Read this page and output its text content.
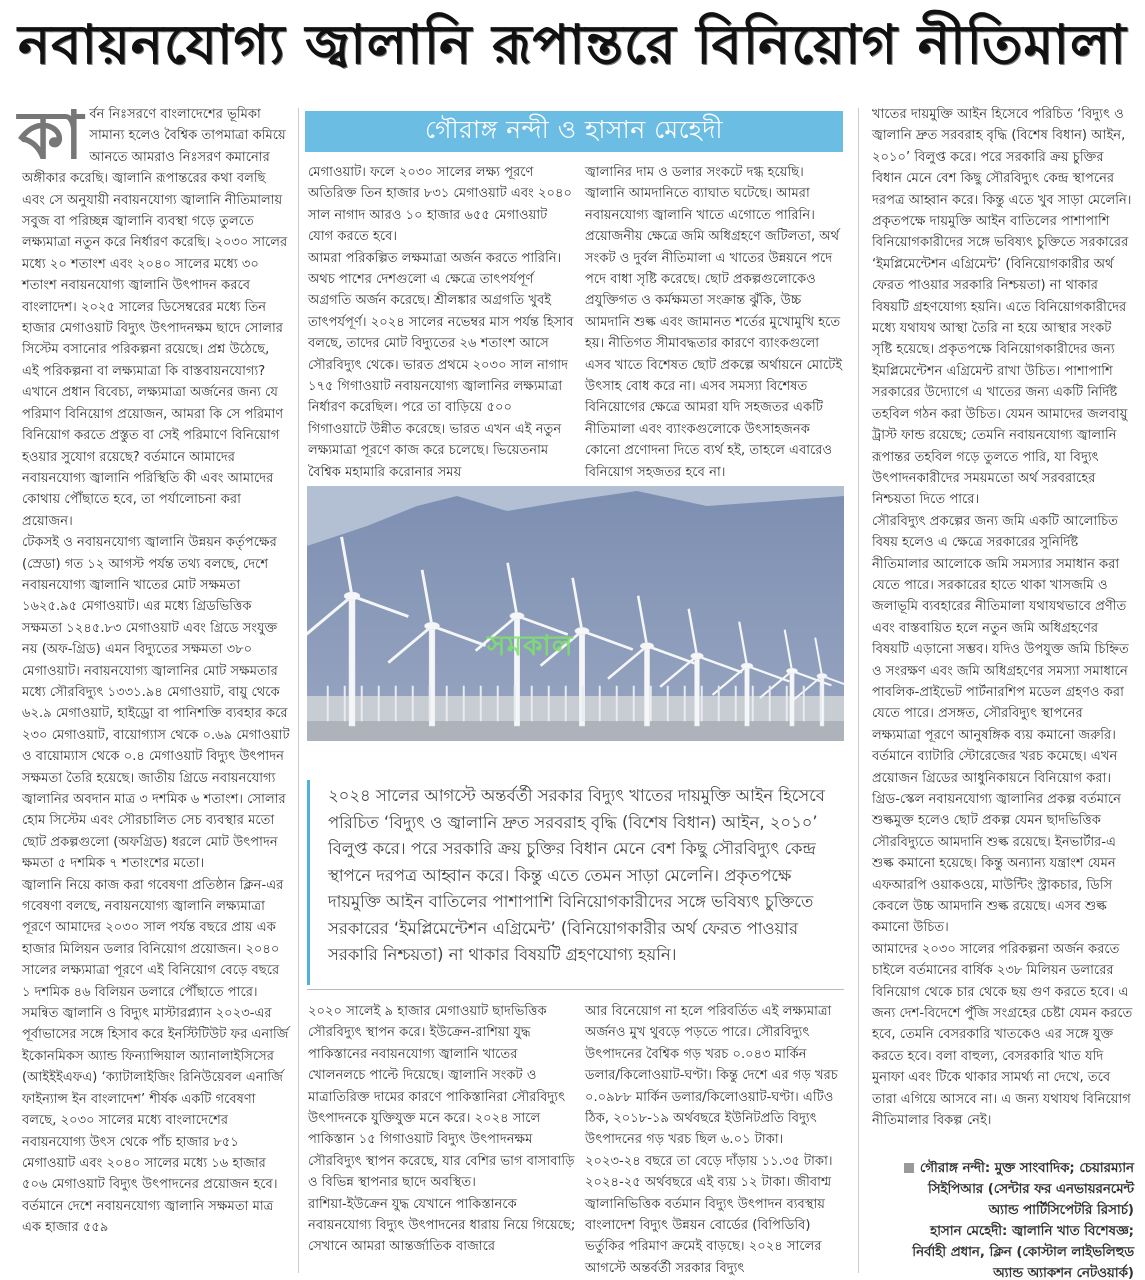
নবায়নযোগ্য জ্বালানি রূপান্তরে বিনিয়োগ নীতিমালা

কার্বন নিঃসরণে বাংলাদেশের ভূমিকা সামান্য হলেও বৈশ্বিক তাপমাত্রা কমিয়ে আনতে আমরাও নিঃসরণ কমানোর অঙ্গীকার করেছি। জ্বালানি রূপান্তরের কথা বলছি এবং সে অনুযায়ী নবায়নযোগ্য জ্বালানি নীতিমালায় সবুজ বা পরিচ্ছন্ন জ্বালানি ব্যবস্থা গড়ে তুলতে লক্ষ্যমাত্রা নতুন করে নির্ধারণ করেছি। ২০৩০ সালের মধ্যে ২০ শতাংশ এবং ২০৪০ সালের মধ্যে ৩০ শতাংশ নবায়নযোগ্য জ্বালানি উৎপাদন করবে বাংলাদেশ। ২০২৫ সালের ডিসেম্বরের মধ্যে তিন হাজার মেগাওয়াট বিদ্যুৎ উৎপাদনক্ষম ছাদে সোলার সিস্টেম বসানোর পরিকল্পনা রয়েছে। প্রশ্ন উঠেছে, এই পরিকল্পনা বা লক্ষ্যমাত্রা কি বাস্তবায়নযোগ্য? এখানে প্রধান বিবেচ্য, লক্ষ্যমাত্রা অর্জনের জন্য যে পরিমাণ বিনিয়োগ প্রয়োজন, আমরা কি সে পরিমাণ বিনিয়োগ করতে প্রস্তুত বা সেই পরিমাণে বিনিয়োগ হওয়ার সুযোগ রয়েছে? বর্তমানে আমাদের নবায়নযোগ্য জ্বালানি পরিস্থিতি কী এবং আমাদের কোথায় পৌঁছাতে হবে, তা পর্যালোচনা করা প্রয়োজন।

টেকসই ও নবায়নযোগ্য জ্বালানি উন্নয়ন কর্তৃপক্ষের (স্রেডা) গত ১২ আগস্ট পর্যন্ত তথ্য বলছে, দেশে নবায়নযোগ্য জ্বালানি খাতের মোট সক্ষমতা ১৬২৫.৯৫ মেগাওয়াট। এর মধ্যে গ্রিডভিত্তিক সক্ষমতা ১২৪৫.৮৩ মেগাওয়াট এবং গ্রিডে সংযুক্ত নয় (অফ-গ্রিড) এমন বিদ্যুতের সক্ষমতা ৩৮০ মেগাওয়াট। নবায়নযোগ্য জ্বালানির মোট সক্ষমতার মধ্যে সৌরবিদ্যুৎ ১৩৩১.৯৪ মেগাওয়াট, বায়ু থেকে ৬২.৯ মেগাওয়াট, হাইড্রো বা পানিশক্তি ব্যবহার করে ২৩০ মেগাওয়াট, বায়োগ্যাস থেকে ০.৬৯ মেগাওয়াট ও বায়োম্যাস থেকে ০.৪ মেগাওয়াট বিদ্যুৎ উৎপাদন সক্ষমতা তৈরি হয়েছে। জাতীয় গ্রিডে নবায়নযোগ্য জ্বালানির অবদান মাত্র ৩ দশমিক ৬ শতাংশ। সোলার হোম সিস্টেম এবং সৌরচালিত সেচ ব্যবস্থার মতো ছোট প্রকল্পগুলো (অফগ্রিড) ধরলে মোট উৎপাদন ক্ষমতা ৫ দশমিক ৭ শতাংশের মতো।

জ্বালানি নিয়ে কাজ করা গবেষণা প্রতিষ্ঠান ক্লিন-এর গবেষণা বলছে, নবায়নযোগ্য জ্বালানি লক্ষ্যমাত্রা পূরণে আমাদের ২০৩০ সাল পর্যন্ত বছরে প্রায় এক হাজার মিলিয়ন ডলার বিনিয়োগ প্রয়োজন। ২০৪০ সালের লক্ষ্যমাত্রা পূরণে এই বিনিয়োগ বেড়ে বছরে ১ দশমিক ৪৬ বিলিয়ন ডলারে পৌঁছাতে পারে। সমন্বিত জ্বালানি ও বিদ্যুৎ মাস্টারপ্ল্যান ২০২৩-এর পূর্বাভাসের সঙ্গে হিসাব করে ইনস্টিটিউট ফর এনার্জি ইকোনমিকস অ্যান্ড ফিন্যান্সিয়াল অ্যানালাইসিসের (আইইইএফএ) ‘ক্যাটালাইজিং রিনিউয়েবল এনার্জি ফাইন্যান্স ইন বাংলাদেশ’ শীর্ষক একটি গবেষণা বলছে, ২০৩০ সালের মধ্যে বাংলাদেশের নবায়নযোগ্য উৎস থেকে পাঁচ হাজার ৮৫১ মেগাওয়াট এবং ২০৪০ সালের মধ্যে ১৬ হাজার ৫০৬ মেগাওয়াট বিদ্যুৎ উৎপাদনের প্রয়োজন হবে। বর্তমানে দেশে নবায়নযোগ্য জ্বালানি সক্ষমতা মাত্র এক হাজার ৫৫৯

গৌরাঙ্গ নন্দী ও হাসান মেহেদী

মেগাওয়াট। ফলে ২০৩০ সালের লক্ষ্য পূরণে অতিরিক্ত তিন হাজার ৮৩১ মেগাওয়াট এবং ২০৪০ সাল নাগাদ আরও ১০ হাজার ৬৫৫ মেগাওয়াট যোগ করতে হবে।

আমরা পরিকল্পিত লক্ষমাত্রা অর্জন করতে পারিনি। অথচ পাশের দেশগুলো এ ক্ষেত্রে তাৎপর্যপূর্ণ অগ্রগতি অর্জন করেছে। শ্রীলঙ্কার অগ্রগতি খুবই তাৎপর্যপূর্ণ। ২০২৪ সালের নভেম্বর মাস পর্যন্ত হিসাব বলছে, তাদের মোট বিদ্যুতের ২৬ শতাংশ আসে সৌরবিদ্যুৎ থেকে। ভারত প্রথমে ২০৩০ সাল নাগাদ ১৭৫ গিগাওয়াট নবায়নযোগ্য জ্বালানির লক্ষ্যমাত্রা নির্ধারণ করেছিল। পরে তা বাড়িয়ে ৫০০ গিগাওয়াটে উন্নীত করেছে। ভারত এখন এই নতুন লক্ষ্যমাত্রা পূরণে কাজ করে চলেছে। ভিয়েতনাম বৈশ্বিক মহামারি করোনার সময়

জ্বালানির দাম ও ডলার সংকটে দগ্ধ হয়েছি। জ্বালানি আমদানিতে ব্যাঘাত ঘটেছে। আমরা নবায়নযোগ্য জ্বালানি খাতে এগোতে পারিনি। প্রয়োজনীয় ক্ষেত্রে জমি অধিগ্রহণে জটিলতা, অর্থ সংকট ও দুর্বল নীতিমালা এ খাতের উন্নয়নে পদে পদে বাধা সৃষ্টি করেছে। ছোট প্রকল্পগুলোকেও প্রযুক্তিগত ও কর্মক্ষমতা সংক্রান্ত ঝুঁকি, উচ্চ আমদানি শুল্ক এবং জামানত শর্তের মুখোমুখি হতে হয়। নীতিগত সীমাবদ্ধতার কারণে ব্যাংকগুলো এসব খাতে বিশেষত ছোট প্রকল্পে অর্থায়নে মোটেই উৎসাহ বোধ করে না। এসব সমস্যা বিশেষত বিনিয়োগের ক্ষেত্রে আমরা যদি সহজতর একটি নীতিমালা এবং ব্যাংকগুলোকে উৎসাহজনক কোনো প্রণোদনা দিতে ব্যর্থ হই, তাহলে এবারেও বিনিয়োগ সহজতর হবে না।

সমকাল
২০২৪ সালের আগস্টে অন্তর্বর্তী সরকার বিদ্যুৎ খাতের দায়মুক্তি আইন হিসেবে পরিচিত ‘বিদ্যুৎ ও জ্বালানি দ্রুত সরবরাহ বৃদ্ধি (বিশেষ বিধান) আইন, ২০১০’ বিলুপ্ত করে। পরে সরকারি ক্রয় চুক্তির বিধান মেনে বেশ কিছু সৌরবিদ্যুৎ কেন্দ্র স্থাপনে দরপত্র আহ্বান করে। কিন্তু এতে তেমন সাড়া মেলেনি। প্রকৃতপক্ষে দায়মুক্তি আইন বাতিলের পাশাপাশি বিনিয়োগকারীদের সঙ্গে ভবিষ্যৎ চুক্তিতে সরকারের ‘ইমপ্লিমেন্টেশন এগ্রিমেন্ট’ (বিনিয়োগকারীর অর্থ ফেরত পাওয়ার সরকারি নিশ্চয়তা) না থাকার বিষয়টি গ্রহণযোগ্য হয়নি।

২০২০ সালেই ৯ হাজার মেগাওয়াট ছাদভিত্তিক সৌরবিদ্যুৎ স্থাপন করে। ইউক্রেন-রাশিয়া যুদ্ধ পাকিস্তানের নবায়নযোগ্য জ্বালানি খাতের খোলনলচে পাল্টে দিয়েছে। জ্বালানি সংকট ও মাত্রাতিরিক্ত দামের কারণে পাকিস্তানিরা সৌরবিদ্যুৎ উৎপাদনকে যুক্তিযুক্ত মনে করে। ২০২৪ সালে পাকিস্তান ১৫ গিগাওয়াট বিদ্যুৎ উৎপাদনক্ষম সৌরবিদ্যুৎ স্থাপন করেছে, যার বেশির ভাগ বাসাবাড়ি ও বিভিন্ন স্থাপনার ছাদে অবস্থিত।

রাশিয়া-ইউক্রেন যুদ্ধ যেখানে পাকিস্তানকে নবায়নযোগ্য বিদ্যুৎ উৎপাদনের ধারায় নিয়ে গিয়েছে; সেখানে আমরা আন্তর্জাতিক বাজারে

আর বিনেয়োগ না হলে পরিবর্তিত এই লক্ষ্যমাত্রা অর্জনও মুখ থুবড়ে পড়তে পারে। সৌরবিদ্যুৎ উৎপাদনের বৈশ্বিক গড় খরচ ০.০৪৩ মার্কিন ডলার/কিলোওয়াট-ঘণ্টা। কিন্তু দেশে এর গড় খরচ ০.০৯৮৮ মার্কিন ডলার/কিলোওয়াট-ঘণ্টা। এটিও ঠিক, ২০১৮-১৯ অর্থবছরে ইউনিটপ্রতি বিদ্যুৎ উৎপাদনের গড় খরচ ছিল ৬.০১ টাকা। ২০২৩-২৪ বছরে তা বেড়ে দাঁড়ায় ১১.৩৫ টাকা। ২০২৪-২৫ অর্থবছরে এই ব্যয় ১২ টাকা। জীবাশ্ম জ্বালানিভিত্তিক বর্তমান বিদ্যুৎ উৎপাদন ব্যবস্থায় বাংলাদেশ বিদ্যুৎ উন্নয়ন বোর্ডের (বিপিডিবি) ভর্তুকির পরিমাণ ক্রমেই বাড়ছে। ২০২৪ সালের আগস্টে অন্তর্বর্তী সরকার বিদ্যুৎ

খাতের দায়মুক্তি আইন হিসেবে পরিচিত ‘বিদ্যুৎ ও জ্বালানি দ্রুত সরবরাহ বৃদ্ধি (বিশেষ বিধান) আইন, ২০১০’ বিলুপ্ত করে। পরে সরকারি ক্রয় চুক্তির বিধান মেনে বেশ কিছু সৌরবিদ্যুৎ কেন্দ্র স্থাপনের দরপত্র আহ্বান করে। কিন্তু এতে খুব সাড়া মেলেনি। প্রকৃতপক্ষে দায়মুক্তি আইন বাতিলের পাশাপাশি বিনিয়োগকারীদের সঙ্গে ভবিষ্যৎ চুক্তিতে সরকারের ‘ইমপ্লিমেন্টেশন এগ্রিমেন্ট’ (বিনিয়োগকারীর অর্থ ফেরত পাওয়ার সরকারি নিশ্চয়তা) না থাকার বিষয়টি গ্রহণযোগ্য হয়নি। এতে বিনিয়োগকারীদের মধ্যে যথাযথ আস্থা তৈরি না হয়ে আস্থার সংকট সৃষ্টি হয়েছে। প্রকৃতপক্ষে বিনিয়োগকারীদের জন্য ইমপ্লিমেন্টেশন এগ্রিমেন্ট রাখা উচিত। পাশাপাশি সরকারের উদ্যোগে এ খাতের জন্য একটি নির্দিষ্ট তহবিল গঠন করা উচিত। যেমন আমাদের জলবায়ু ট্রাস্ট ফান্ড রয়েছে; তেমনি নবায়নযোগ্য জ্বালানি রূপান্তর তহবিল গড়ে তুলতে পারি, যা বিদ্যুৎ উৎপাদনকারীদের সময়মতো অর্থ সরবরাহের নিশ্চয়তা দিতে পারে।

সৌরবিদ্যুৎ প্রকল্পের জন্য জমি একটি আলোচিত বিষয় হলেও এ ক্ষেত্রে সরকারের সুনির্দিষ্ট নীতিমালার আলোকে জমি সমস্যার সমাধান করা যেতে পারে। সরকারের হাতে থাকা খাসজমি ও জলাভূমি ব্যবহারের নীতিমালা যথাযথভাবে প্রণীত এবং বাস্তবায়িত হলে নতুন জমি অধিগ্রহণের বিষয়টি এড়ানো সম্ভব। যদিও উপযুক্ত জমি চিহ্নিত ও সংরক্ষণ এবং জমি অধিগ্রহণের সমস্যা সমাধানে পাবলিক-প্রাইভেট পার্টনারশিপ মডেল গ্রহণও করা যেতে পারে। প্রসঙ্গত, সৌরবিদ্যুৎ স্থাপনের লক্ষ্যমাত্রা পূরণে আনুষঙ্গিক ব্যয় কমানো জরুরি। বর্তমানে ব্যাটারি স্টোরেজের খরচ কমেছে। এখন প্রয়োজন গ্রিডের আধুনিকায়নে বিনিয়োগ করা। গ্রিড-স্কেল নবায়নযোগ্য জ্বালানির প্রকল্প বর্তমানে শুল্কমুক্ত হলেও ছোট প্রকল্প যেমন ছাদভিত্তিক সৌরবিদ্যুতে আমদানি শুল্ক রয়েছে। ইনভার্টার-এ শুল্ক কমানো হয়েছে। কিন্তু অন্যান্য যন্ত্রাংশ যেমন এফআরপি ওয়াকওয়ে, মাউন্টিং স্ট্রাকচার, ডিসি কেবলে উচ্চ আমদানি শুল্ক রয়েছে। এসব শুল্ক কমানো উচিত।

আমাদের ২০৩০ সালের পরিকল্পনা অর্জন করতে চাইলে বর্তমানের বার্ষিক ২৩৮ মিলিয়ন ডলারের বিনিয়োগ থেকে চার থেকে ছয় গুণ করতে হবে। এ জন্য দেশ-বিদেশে পুঁজি সংগ্রহের চেষ্টা যেমন করতে হবে, তেমনি বেসরকারি খাতকেও এর সঙ্গে যুক্ত করতে হবে। বলা বাহুল্য, বেসরকারি খাত যদি মুনাফা এবং টিকে থাকার সামর্থ্য না দেখে, তবে তারা এগিয়ে আসবে না। এ জন্য যথাযথ বিনিয়োগ নীতিমালার বিকল্প নেই।

গৌরাঙ্গ নন্দী: মুক্ত সাংবাদিক; চেয়ারম্যান
সিইপিআর (সেন্টার ফর এনভায়রনমেন্ট
অ্যান্ড পার্টিসিপেটরি রিসার্চ)
হাসান মেহেদী: জ্বালানি খাত বিশেষজ্ঞ;
নির্বাহী প্রধান, ক্লিন (কোস্টাল লাইভলিহুড
অ্যান্ড অ্যাকশন নেটওয়ার্ক)
